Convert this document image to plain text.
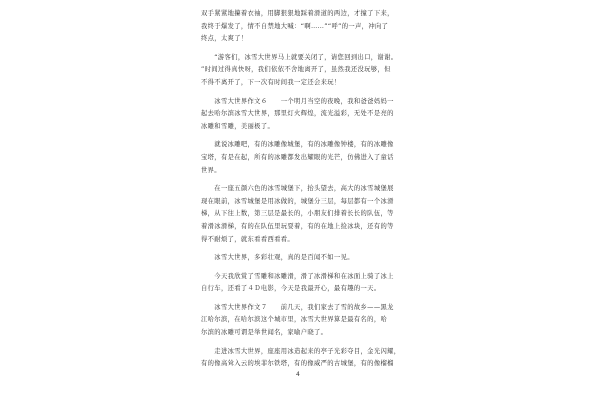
双手紧紧地攥着衣袖，用脚狠狠地踩着滑道的两边，才撞了下来，
我终于爆发了，情不自禁地大喊：“啊……”“呼”的一声，冲向了
终点，太爽了！

　　“游客们，冰雪大世界马上就要关闭了，请您回到出口，谢谢。
”时间过得真快呀，我们依依不舍地离开了，虽然我还没玩够，但
不得不离开了，下一次有时间我一定还会来玩！

　　冰雪大世界作文６　　一个明月当空的夜晚，我和爸爸妈妈一
起去哈尔滨冰雪大世界，那里灯火辉煌，流光溢彩，无处不是亮的
冰雕和雪雕，美丽极了。

　　就说冰雕吧，有的冰雕像城堡，有的冰雕像钟楼，有的冰雕像
宝塔，有是在起，所有的冰雕都发出耀眼的光芒，仿佛进入了童话
世界。

　　在一座五颜六色的冰雪城堡下，抬头望去，高大的冰雪城堡展
现在眼前，冰雪城堡是用冰做的，城堡分三层，每层都有一个冰滑
梯，从下往上数，第三层是最长的，小朋友们排着长长的队伍，等
着滑冰滑梯，有的在队伍里玩耍着，有的在地上捡冰块，还有的等
得不耐烦了，就东看看西看看。

　　冰雪大世界，多彩壮观，真的是百闻不如一见。

　　今天我欣赏了雪雕和冰雕滑，滑了冰滑梯和在冰面上骑了冰上
自行车，还看了４Ｄ电影，今天是我最开心，最有趣的一天。

　　冰雪大世界作文７　　前几天，我们家去了雪的故乡——黑龙
江哈尔滨，在哈尔滨这个城市里，冰雪大世界算是最有名的，哈
尔滨的冰雕可谓是举世闻名，家喻户晓了。

　　走进冰雪大世界，座座用冰造起来的亭子光彩夺目，金光闪耀，
有的像高耸入云的埃菲尔铁塔，有的像威严的古城堡，有的像榴榴

4
